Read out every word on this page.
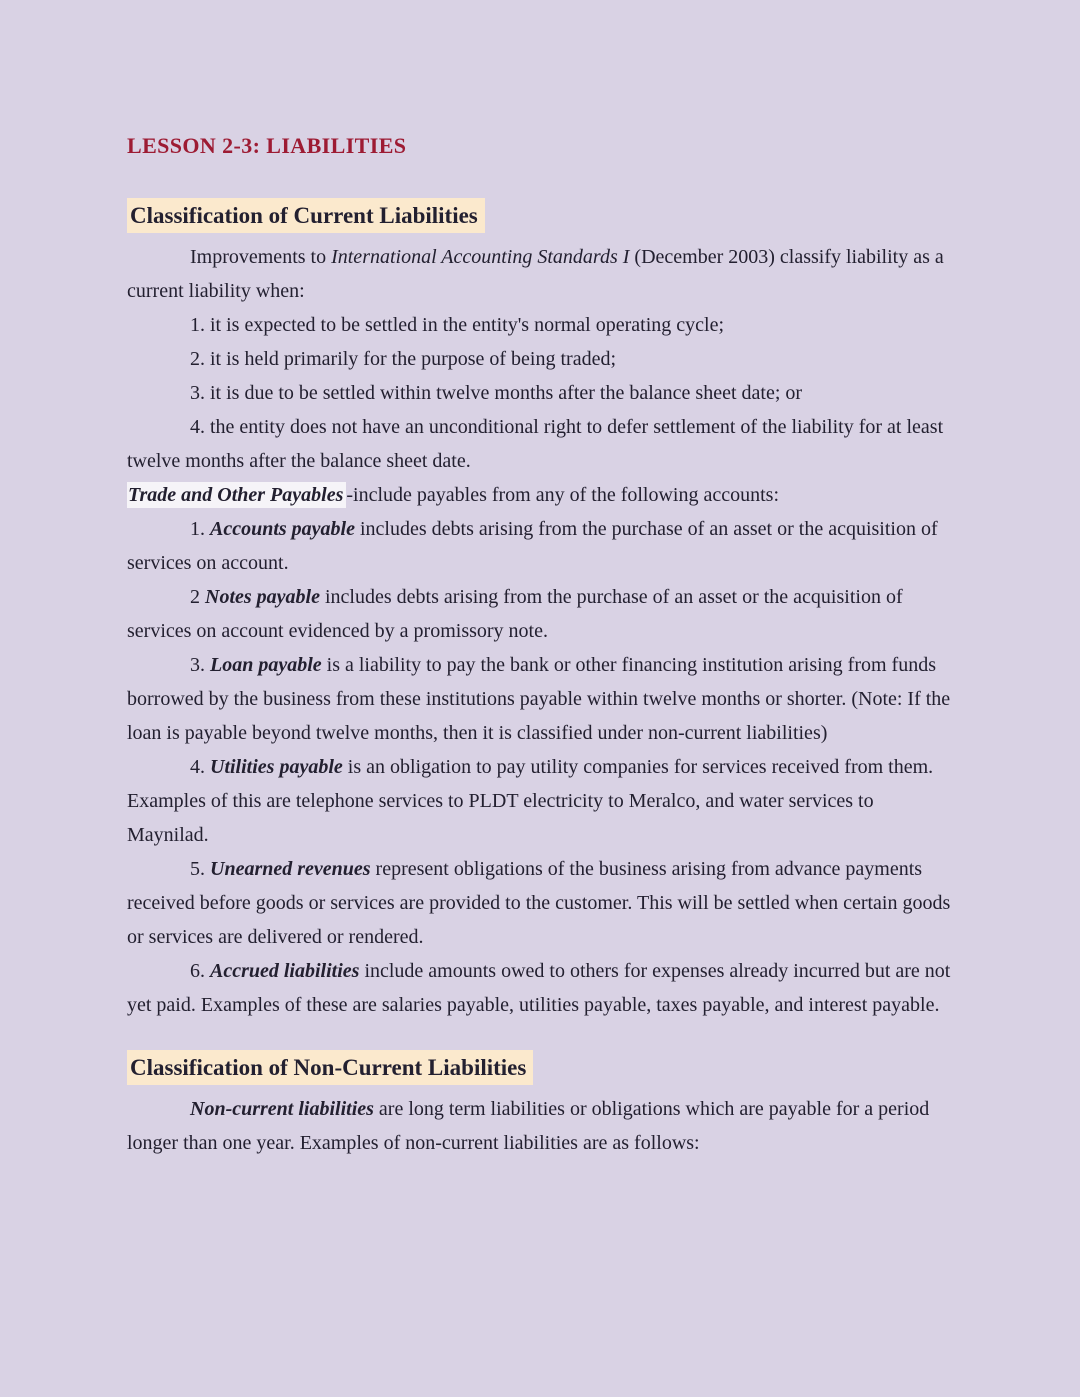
LESSON 2-3: LIABILITIES
Classification of Current Liabilities

Improvements to International Accounting Standards I (December 2003) classify liability as a current liability when:

1. it is expected to be settled in the entity's normal operating cycle;

2. it is held primarily for the purpose of being traded;

3. it is due to be settled within twelve months after the balance sheet date; or

4. the entity does not have an unconditional right to defer settlement of the liability for at least twelve months after the balance sheet date.

Trade and Other Payables -include payables from any of the following accounts:

1. Accounts payable includes debts arising from the purchase of an asset or the acquisition of services on account.

2 Notes payable includes debts arising from the purchase of an asset or the acquisition of services on account evidenced by a promissory note.

3. Loan payable is a liability to pay the bank or other financing institution arising from funds borrowed by the business from these institutions payable within twelve months or shorter. (Note: If the loan is payable beyond twelve months, then it is classified under non-current liabilities)

4. Utilities payable is an obligation to pay utility companies for services received from them. Examples of this are telephone services to PLDT electricity to Meralco, and water services to Maynilad.

5. Unearned revenues represent obligations of the business arising from advance payments received before goods or services are provided to the customer. This will be settled when certain goods or services are delivered or rendered.

6. Accrued liabilities include amounts owed to others for expenses already incurred but are not yet paid. Examples of these are salaries payable, utilities payable, taxes payable, and interest payable.

Classification of Non-Current Liabilities

Non-current liabilities are long term liabilities or obligations which are payable for a period longer than one year. Examples of non-current liabilities are as follows:
